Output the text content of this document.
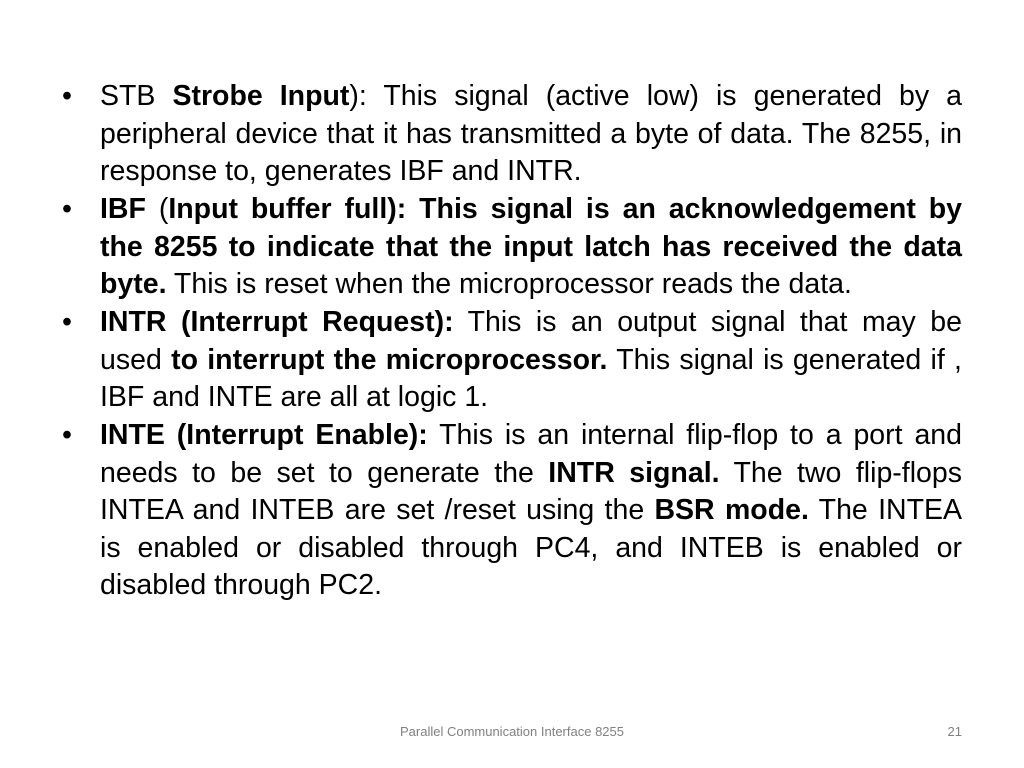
• STB Strobe Input): This signal (active low) is generated by a peripheral device that it has transmitted a byte of data. The 8255, in response to, generates IBF and INTR.
• IBF (Input buffer full): This signal is an acknowledgement by the 8255 to indicate that the input latch has received the data byte. This is reset when the microprocessor reads the data.
• INTR (Interrupt Request): This is an output signal that may be used to interrupt the microprocessor. This signal is generated if , IBF and INTE are all at logic 1.
• INTE (Interrupt Enable): This is an internal flip-flop to a port and needs to be set to generate the INTR signal. The two flip-flops INTEA and INTEB are set /reset using the BSR mode. The INTEA is enabled or disabled through PC4, and INTEB is enabled or disabled through PC2.
Parallel Communication Interface 8255	21
